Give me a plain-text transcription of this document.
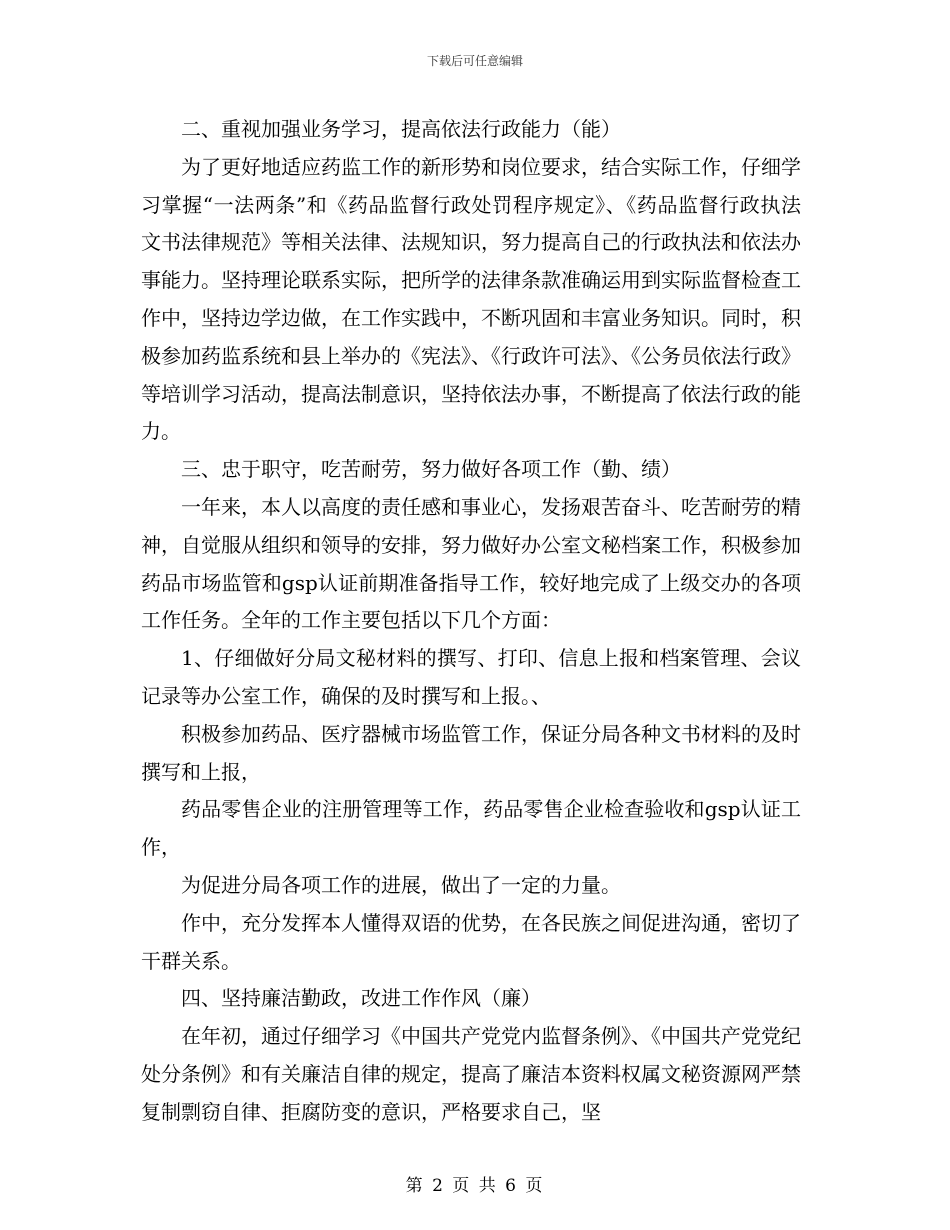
下载后可任意编辑

二、重视加强业务学习，提高依法行政能力（能）

为了更好地适应药监工作的新形势和岗位要求，结合实际工作，仔细学习掌握“一法两条”和《药品监督行政处罚程序规定》、《药品监督行政执法文书法律规范》等相关法律、法规知识，努力提高自己的行政执法和依法办事能力。坚持理论联系实际，把所学的法律条款准确运用到实际监督检查工作中，坚持边学边做，在工作实践中，不断巩固和丰富业务知识。同时，积极参加药监系统和县上举办的《宪法》、《行政许可法》、《公务员依法行政》等培训学习活动，提高法制意识，坚持依法办事，不断提高了依法行政的能力。

三、忠于职守，吃苦耐劳，努力做好各项工作（勤、绩）

一年来，本人以高度的责任感和事业心，发扬艰苦奋斗、吃苦耐劳的精神，自觉服从组织和领导的安排，努力做好办公室文秘档案工作，积极参加药品市场监管和gsp认证前期准备指导工作，较好地完成了上级交办的各项工作任务。全年的工作主要包括以下几个方面：

1、仔细做好分局文秘材料的撰写、打印、信息上报和档案管理、会议记录等办公室工作，确保的及时撰写和上报。、

积极参加药品、医疗器械市场监管工作，保证分局各种文书材料的及时撰写和上报，

药品零售企业的注册管理等工作，药品零售企业检查验收和gsp认证工作，

为促进分局各项工作的进展，做出了一定的力量。

作中，充分发挥本人懂得双语的优势，在各民族之间促进沟通，密切了干群关系。

四、坚持廉洁勤政，改进工作作风（廉）

在年初，通过仔细学习《中国共产党党内监督条例》、《中国共产党党纪处分条例》和有关廉洁自律的规定，提高了廉洁本资料权属文秘资源网严禁复制剽窃自律、拒腐防变的意识，严格要求自己，坚

第 2 页 共 6 页
